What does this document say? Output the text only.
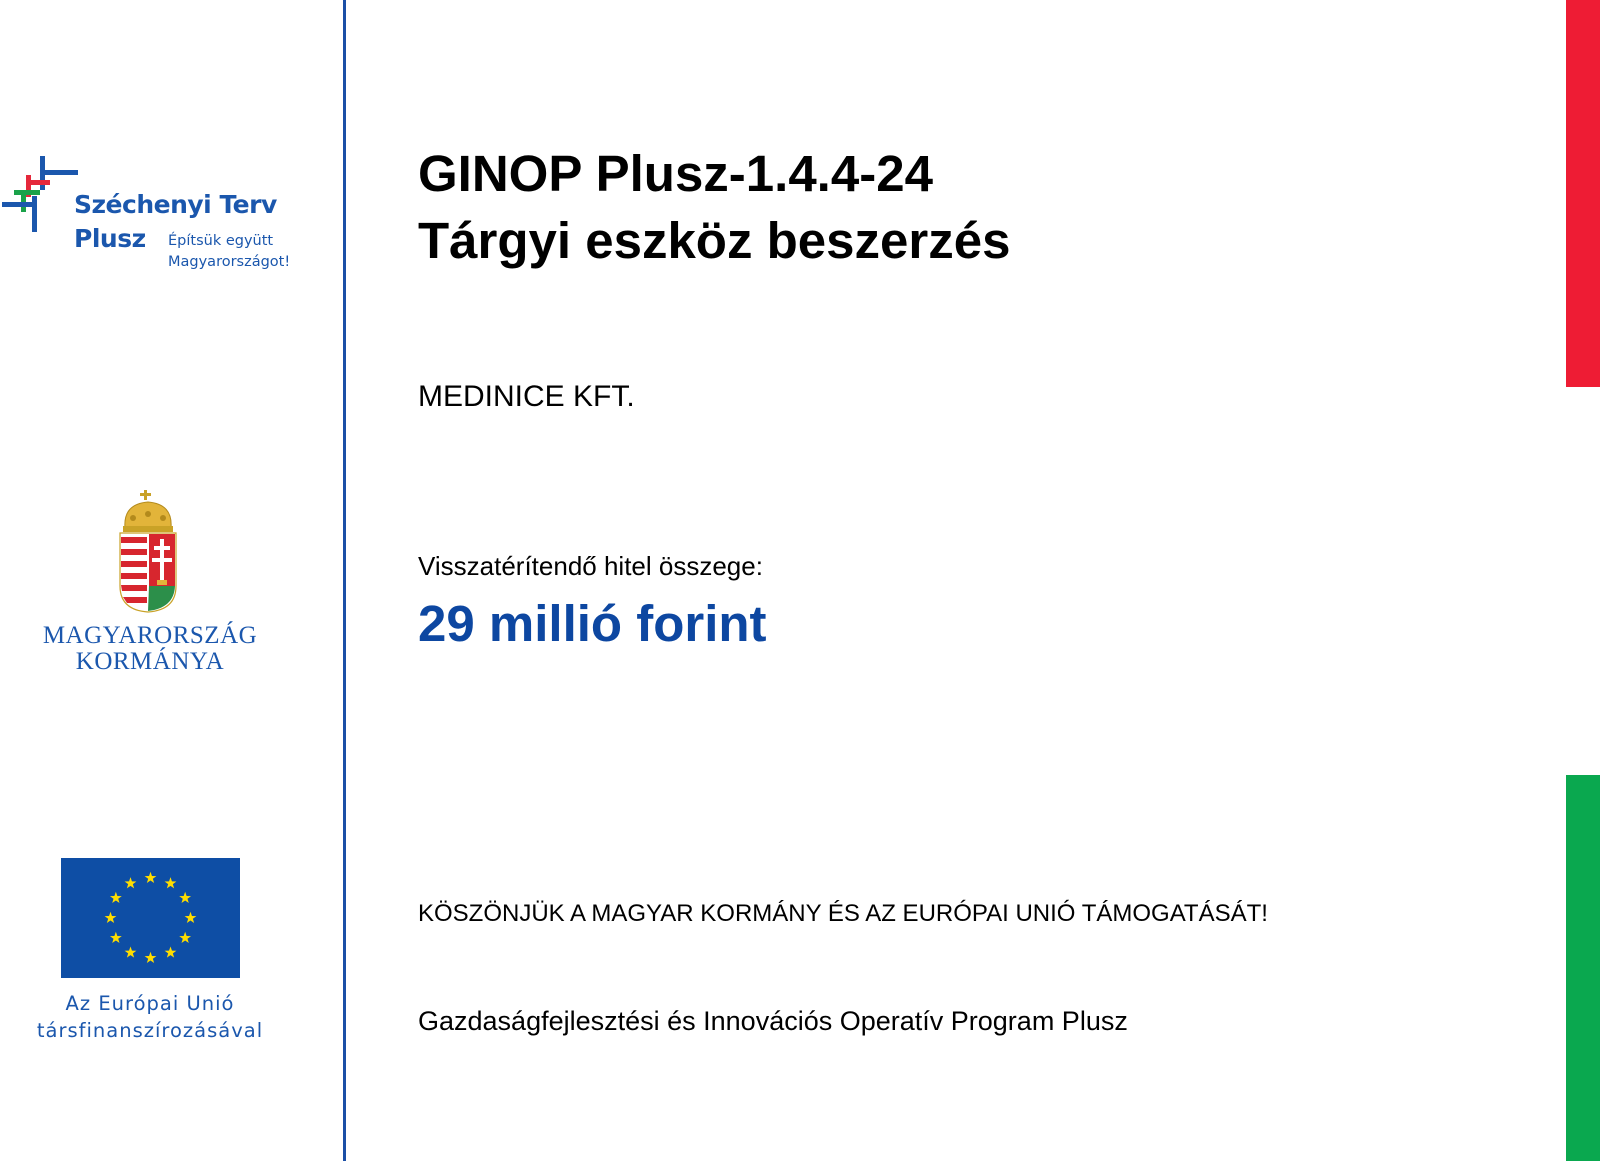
Széchenyi Terv
Plusz Építsük együtt
Magyarországot!
MAGYARORSZÁG
KORMÁNYA
Az Európai Unió
társfinanszírozásával
GINOP Plusz-1.4.4-24
Tárgyi eszköz beszerzés
MEDINICE KFT.
Visszatérítendő hitel összege:
29 millió forint
KÖSZÖNJÜK A MAGYAR KORMÁNY ÉS AZ EURÓPAI UNIÓ TÁMOGATÁSÁT!
Gazdaságfejlesztési és Innovációs Operatív Program Plusz
